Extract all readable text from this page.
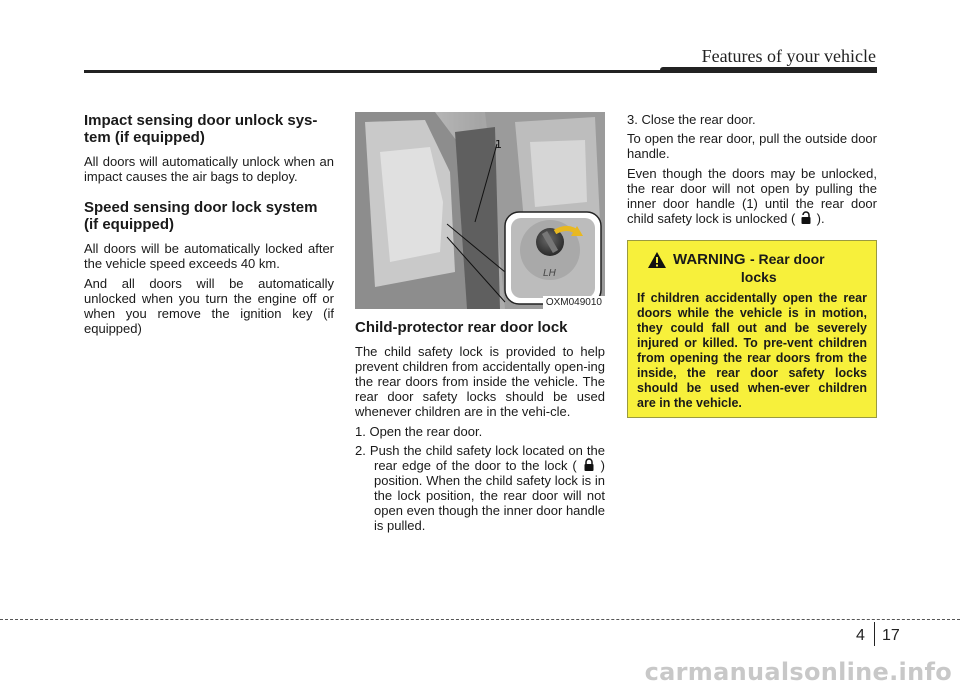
Features of your vehicle
Impact sensing door unlock sys-tem (if equipped)

All doors will automatically unlock when an impact causes the air bags to deploy.

Speed sensing door lock system (if equipped)

All doors will be automatically locked after the vehicle speed exceeds 40 km.

And all doors will be automatically unlocked when you turn the engine off or when you remove the ignition key (if equipped)

LH
1
OXM049010
Child-protector rear door lock

The child safety lock is provided to help prevent children from accidentally open-ing the rear doors from inside the vehicle. The rear door safety locks should be used whenever children are in the vehi-cle.

1. Open the rear door.
2. Push the child safety lock located on the rear edge of the door to the lock ( ) position. When the child safety lock is in the lock position, the rear door will not open even though the inner door handle is pulled.
3. Close the rear door.

To open the rear door, pull the outside door handle.

Even though the doors may be unlocked, the rear door will not open by pulling the inner door handle (1) until the rear door child safety lock is unlocked ( ).

WARNING - Rear door
locks

If children accidentally open the rear doors while the vehicle is in motion, they could fall out and be severely injured or killed. To pre-vent children from opening the rear doors from the inside, the rear door safety locks should be used when-ever children are in the vehicle.

4 17
carmanualsonline.info
